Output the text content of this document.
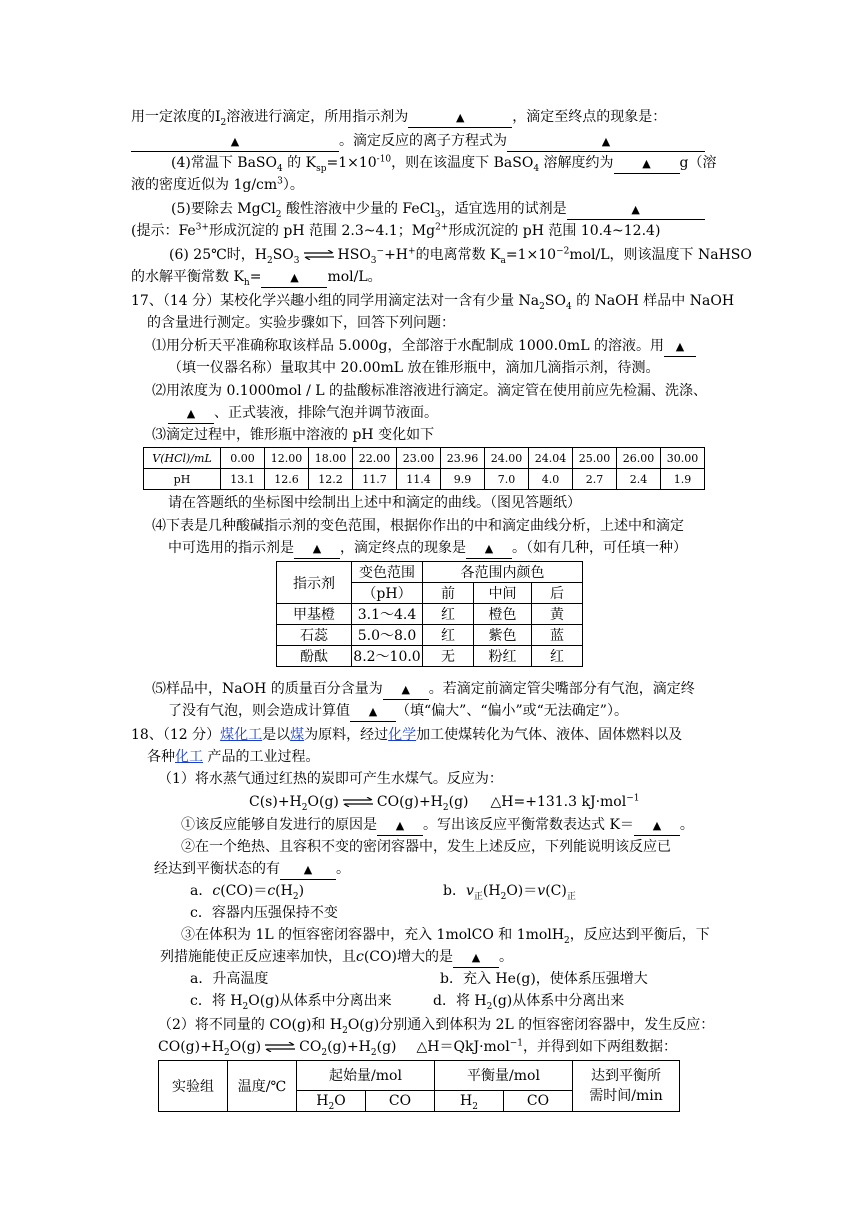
用一定浓度的$I_2$溶液进行滴定，所用指示剂为	▲	，滴定至终点的现象是：
▲	。滴定反应的离子方程式为	▲
(4)常温下 BaSO$_4$ 的 $K_{sp}=1\times 10^{-10}$，则在该温度下 BaSO$_4$ 溶解度约为	▲ g（溶
液的密度近似为 $1g/cm^3$）。
(5)要除去 MgCl$_2$ 酸性溶液中少量的 FeCl$_3$，适宜选用的试剂是	▲
(提示：$Fe^{3+}$形成沉淀的 pH 范围 2.3~4.1；$Mg^{2+}$形成沉淀的 pH 范围 10.4~12.4)
(6) 25℃时，$H_2SO_3$ ⇌ $HSO_3^-+H^+$的电离常数 $K_a=1\times 10^{-2}mol/L$，则该温度下 NaHSO
的水解平衡常数 $K_h=$	▲ mol/L。
17、（14 分）某校化学兴趣小组的同学用滴定法对一含有少量 $Na_2SO_4$ 的 NaOH 样品中 NaOH
的含量进行测定。实验步骤如下，回答下列问题：
⑴用分析天平准确称取该样品 5.000g，全部溶于水配制成 1000.0mL 的溶液。用 ▲
（填一仪器名称）量取其中 20.00mL 放在锥形瓶中，滴加几滴指示剂，待测。
⑵用浓度为 0.1000mol / L 的盐酸标准溶液进行滴定。滴定管在使用前应先检漏、洗涤、
▲ 、正式装液，排除气泡并调节液面。
⑶滴定过程中，锥形瓶中溶液的 pH 变化如下
V(HCl)/mL	0.00	12.00	18.00	22.00	23.00	23.96	24.00	24.04	25.00	26.00	30.00
pH	13.1	12.6	12.2	11.7	11.4	9.9	7.0	4.0	2.7	2.4	1.9
请在答题纸的坐标图中绘制出上述中和滴定的曲线。（图见答题纸）
⑷下表是几种酸碱指示剂的变色范围，根据你作出的中和滴定曲线分析，上述中和滴定
中可选用的指示剂是 ▲ ，滴定终点的现象是 ▲ 。（如有几种，可任填一种）
指示剂	变色范围	各范围内颜色		
	（pH）	前	中间	后
甲基橙	3.1～4.4	红	橙色	黄
石蕊	5.0～8.0	红	紫色	蓝
酚酞	8.2～10.0	无	粉红	红
⑸样品中，NaOH 的质量百分含量为 ▲ 。若滴定前滴定管尖嘴部分有气泡，滴定终
了没有气泡，则会造成计算值 ▲ （填“偏大”、“偏小”或“无法确定”）。
18、（12 分）煤化工是以煤为原料，经过化学加工使煤转化为气体、液体、固体燃料以及
各种化工 产品的工业过程。
（1）将水蒸气通过红热的炭即可产生水煤气。反应为：
$C(s)+H_2O(g)$ ⇌ $CO(g)+H_2(g)$ △H=+131.3 kJ·mol$^{-1}$
①该反应能够自发进行的原因是 ▲ 。写出该反应平衡常数表达式 K＝ ▲ 。
②在一个绝热、且容积不变的密闭容器中，发生上述反应，下列能说明该反应已
经达到平衡状态的有 ▲ 。
a．$c(CO)=c(H_2)$	b．$v_正(H_2O)=v(C)_正$
c．容器内压强保持不变
③在体积为 1L 的恒容密闭容器中，充入 1molCO 和 1molH$_2$，反应达到平衡后，下
列措施能使正反应速率加快，且c(CO)增大的是 ▲ 。
a．升高温度	b．充入 He(g)，使体系压强增大
c．将 $H_2O(g)$从体系中分离出来	d．将 $H_2(g)$从体系中分离出来
（2）将不同量的 CO(g)和 $H_2O(g)$分别通入到体积为 2L 的恒容密闭容器中，发生反应：
$CO(g)+H_2O(g)$ ⇌ $CO_2(g)+H_2(g)$ △H＝QkJ·mol$^{-1}$，并得到如下两组数据：
实验组	温度/℃	起始量/mol		平衡量/mol		达到平衡所
需时间/min

		$H_2O$	CO	$H_2$	CO	
